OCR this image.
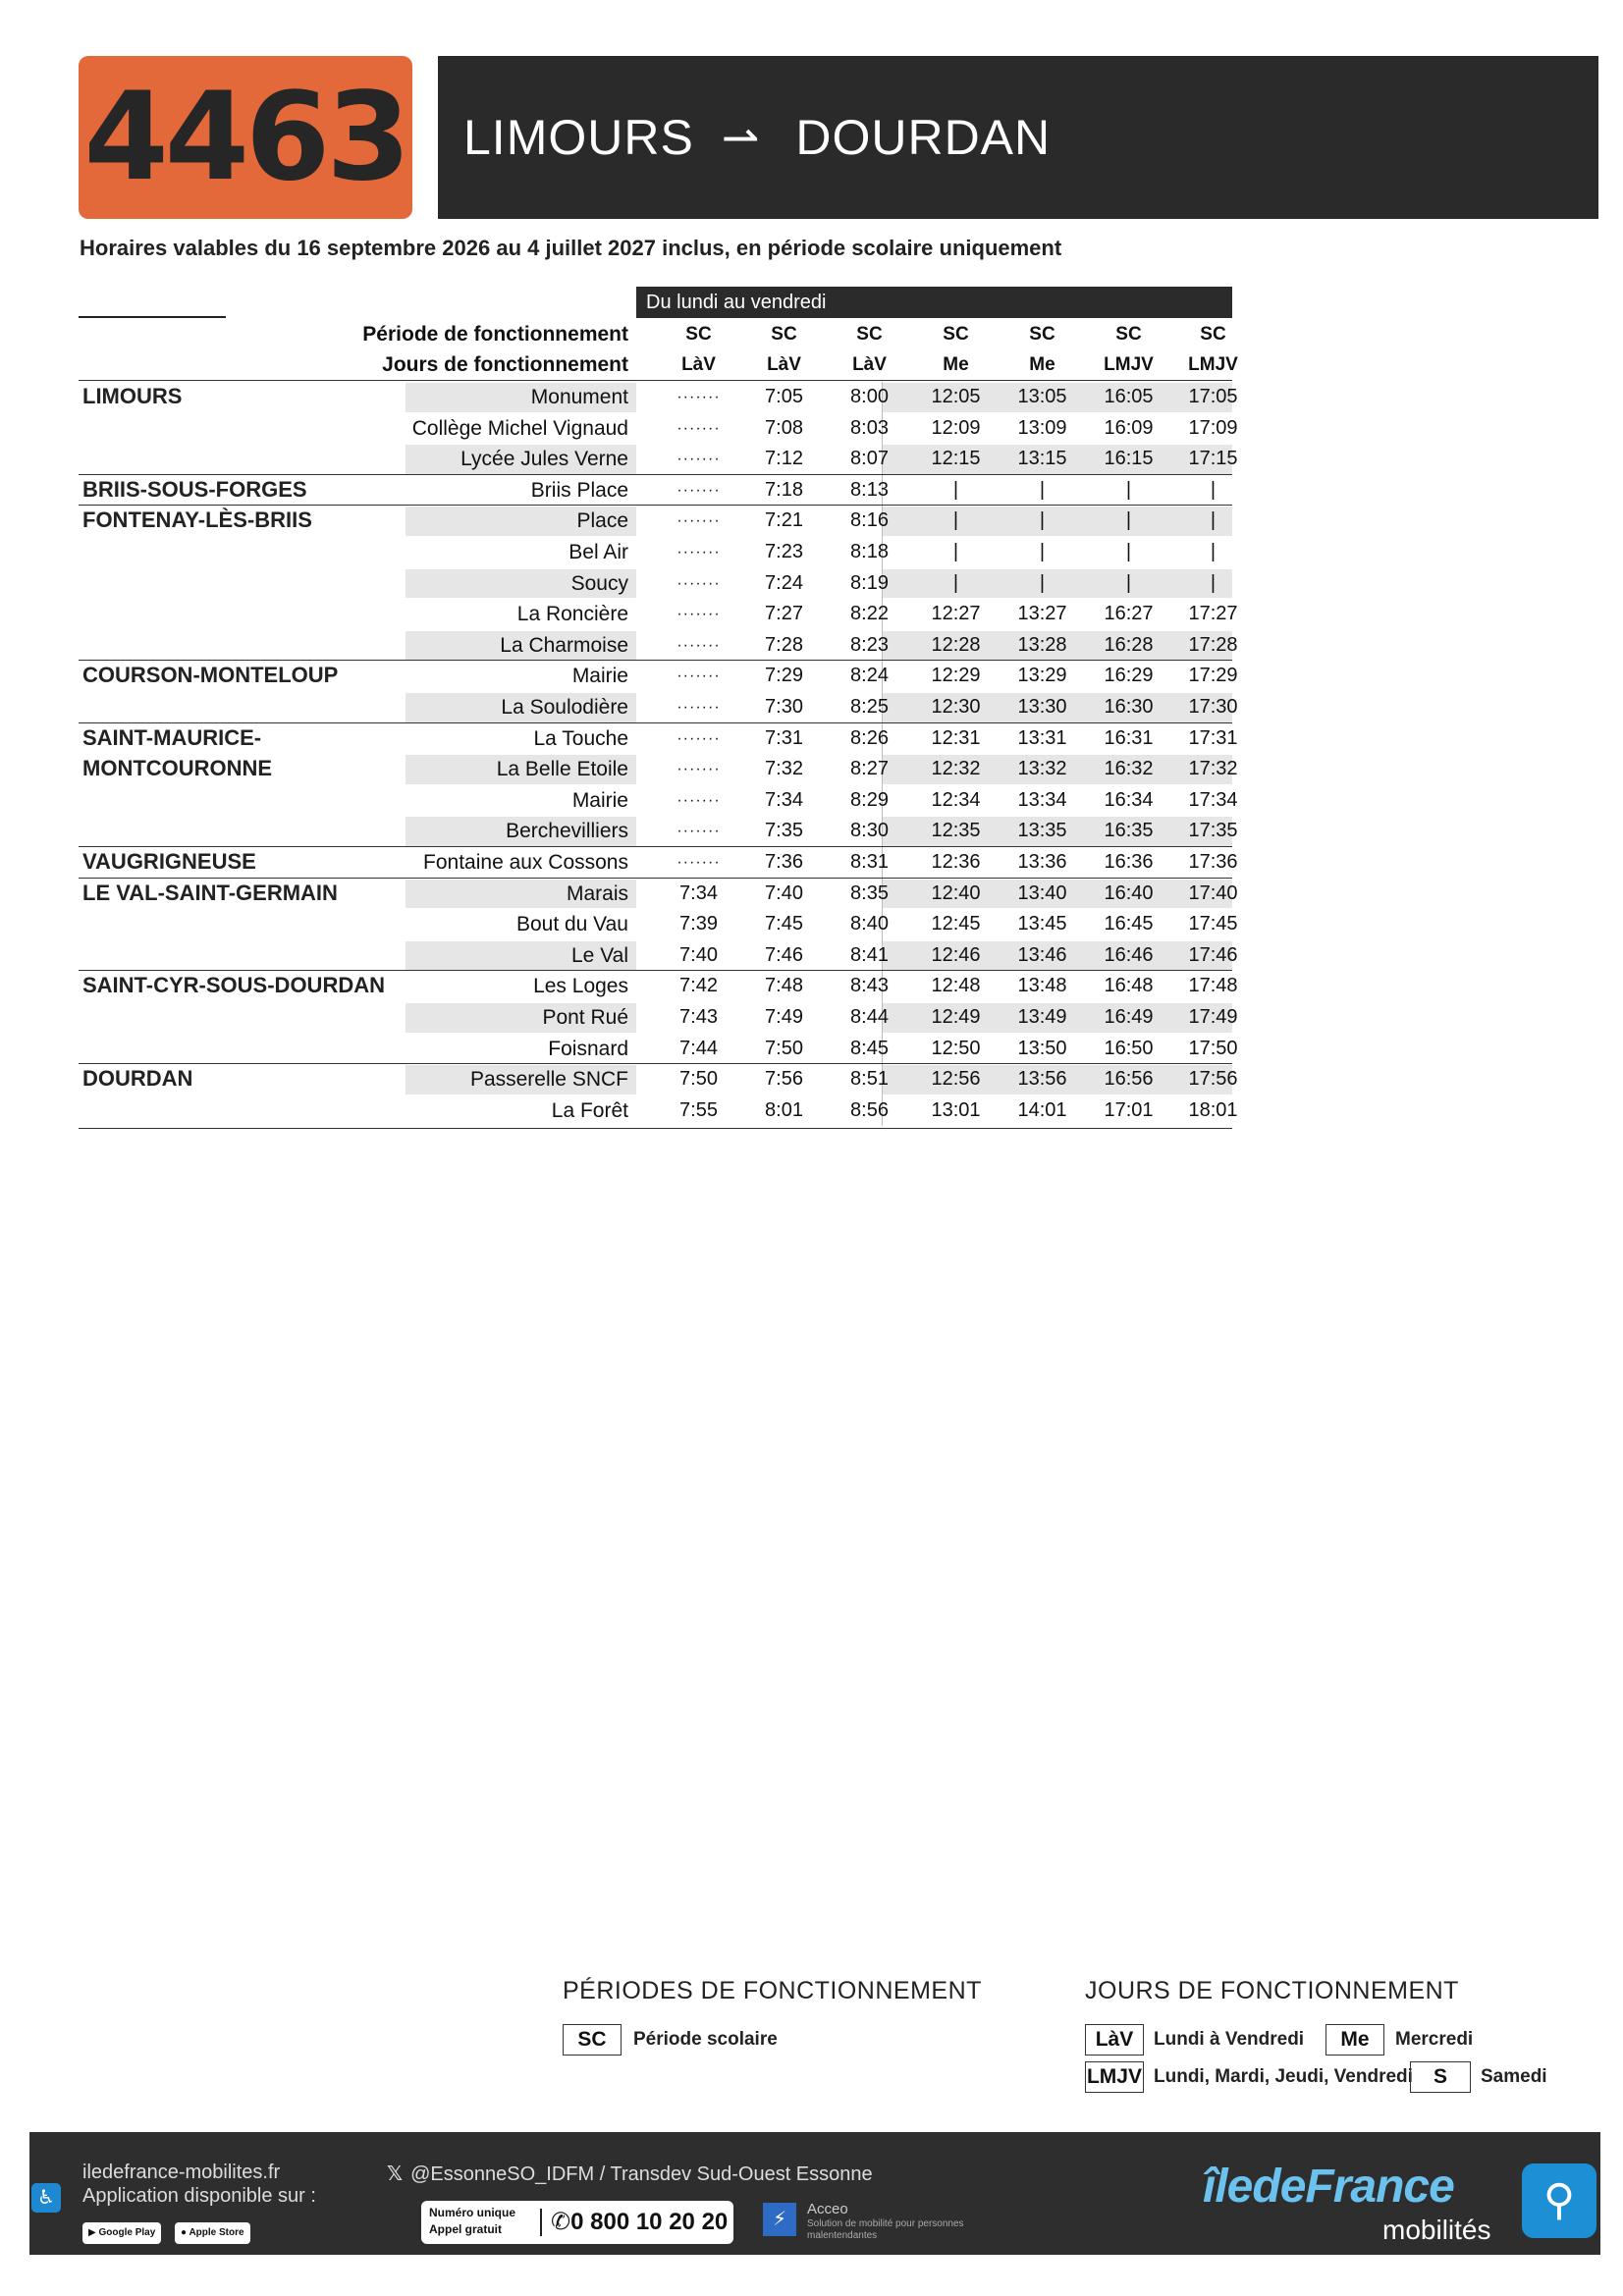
4463 LIMOURS ⇀ DOURDAN
Horaires valables du 16 septembre 2026 au 4 juillet 2027 inclus, en période scolaire uniquement
Du lundi au vendredi
Période de fonctionnement	SC	SC	SC	SC	SC	SC	SC
Jours de fonctionnement	LàV	LàV	LàV	Me	Me	LMJV	LMJV
LIMOURS	Monument	·······	7:05	8:00	12:05	13:05	16:05	17:05
Collège Michel Vignaud	·······	7:08	8:03	12:09	13:09	16:09	17:09
Lycée Jules Verne	·······	7:12	8:07	12:15	13:15	16:15	17:15
BRIIS-SOUS-FORGES	Briis Place	·······	7:18	8:13	|	|	|	|
FONTENAY-LÈS-BRIIS	Place	·······	7:21	8:16	|	|	|	|
Bel Air	·······	7:23	8:18	|	|	|	|
Soucy	·······	7:24	8:19	|	|	|	|
La Roncière	·······	7:27	8:22	12:27	13:27	16:27	17:27
La Charmoise	·······	7:28	8:23	12:28	13:28	16:28	17:28
COURSON-MONTELOUP	Mairie	·······	7:29	8:24	12:29	13:29	16:29	17:29
La Soulodière	·······	7:30	8:25	12:30	13:30	16:30	17:30
SAINT-MAURICE-	La Touche	·······	7:31	8:26	12:31	13:31	16:31	17:31
MONTCOURONNE	La Belle Etoile	·······	7:32	8:27	12:32	13:32	16:32	17:32
Mairie	·······	7:34	8:29	12:34	13:34	16:34	17:34
Berchevilliers	·······	7:35	8:30	12:35	13:35	16:35	17:35
VAUGRIGNEUSE	Fontaine aux Cossons	·······	7:36	8:31	12:36	13:36	16:36	17:36
LE VAL-SAINT-GERMAIN	Marais	7:34	7:40	8:35	12:40	13:40	16:40	17:40
Bout du Vau	7:39	7:45	8:40	12:45	13:45	16:45	17:45
Le Val	7:40	7:46	8:41	12:46	13:46	16:46	17:46
SAINT-CYR-SOUS-DOURDAN	Les Loges	7:42	7:48	8:43	12:48	13:48	16:48	17:48
Pont Rué	7:43	7:49	8:44	12:49	13:49	16:49	17:49
Foisnard	7:44	7:50	8:45	12:50	13:50	16:50	17:50
DOURDAN	Passerelle SNCF	7:50	7:56	8:51	12:56	13:56	16:56	17:56
La Forêt	7:55	8:01	8:56	13:01	14:01	17:01	18:01
PÉRIODES DE FONCTIONNEMENT
SC	Période scolaire
JOURS DE FONCTIONNEMENT
LàV	Lundi à Vendredi	Me	Mercredi
LMJV Lundi, Mardi, Jeudi, Vendredi	S	Samedi
♿
iledefrance-mobilites.fr
Application disponible sur :
▶ Google Play	● Apple Store
𝕏 @EssonneSO_IDFM / Transdev Sud-Ouest Essonne
Numéro unique
Appel gratuit	✆0 800 10 20 20	⚡	Acceo
Solution de mobilité pour personnes malentendantes
îledeFrance
mobilités
⚲
